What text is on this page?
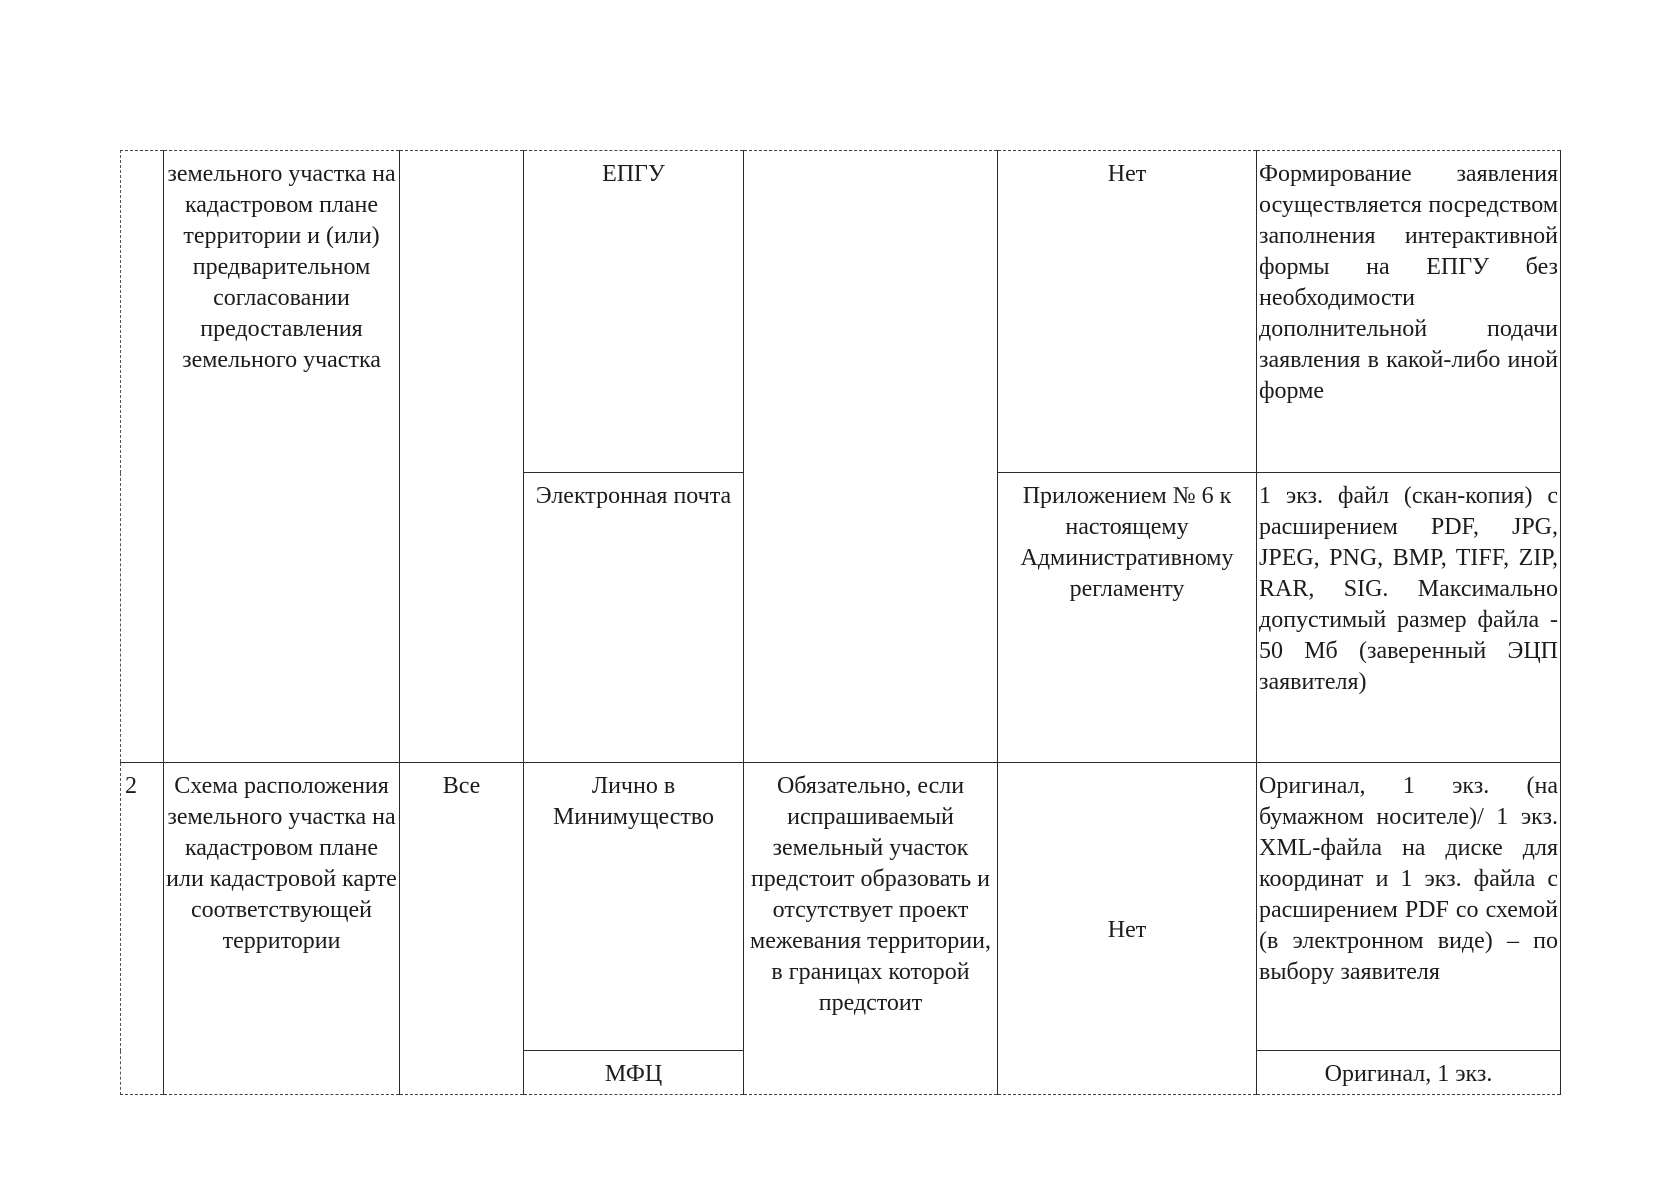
	земельного участка на кадастровом плане территории и (или) предварительном согласовании предоставления земельного участка		ЕПГУ		Нет	Формирование заявления осуществляется посредством заполнения интерактивной формы на ЕПГУ без необходимости дополнительной подачи заявления в какой-либо иной форме
			Электронная почта		Приложением № 6 к настоящему Административному регламенту	1 экз. файл (скан-копия) с расширением PDF, JPG, JPEG, PNG, BMP, TIFF, ZIP, RAR, SIG. Максимально допустимый размер файла - 50 Мб (заверенный ЭЦП заявителя)
2	Схема расположения земельного участка на кадастровом плане или кадастровой карте соответствующей территории	Все	Лично в Минимущество	Обязательно, если испрашиваемый земельный участок предстоит образовать и отсутствует проект межевания территории, в границах которой предстоит	Нет	Оригинал, 1 экз. (на бумажном носителе)/ 1 экз. XML-файла на диске для координат и 1 экз. файла с расширением PDF со схемой (в электронном виде) – по выбору заявителя
			МФЦ			Оригинал, 1 экз.
